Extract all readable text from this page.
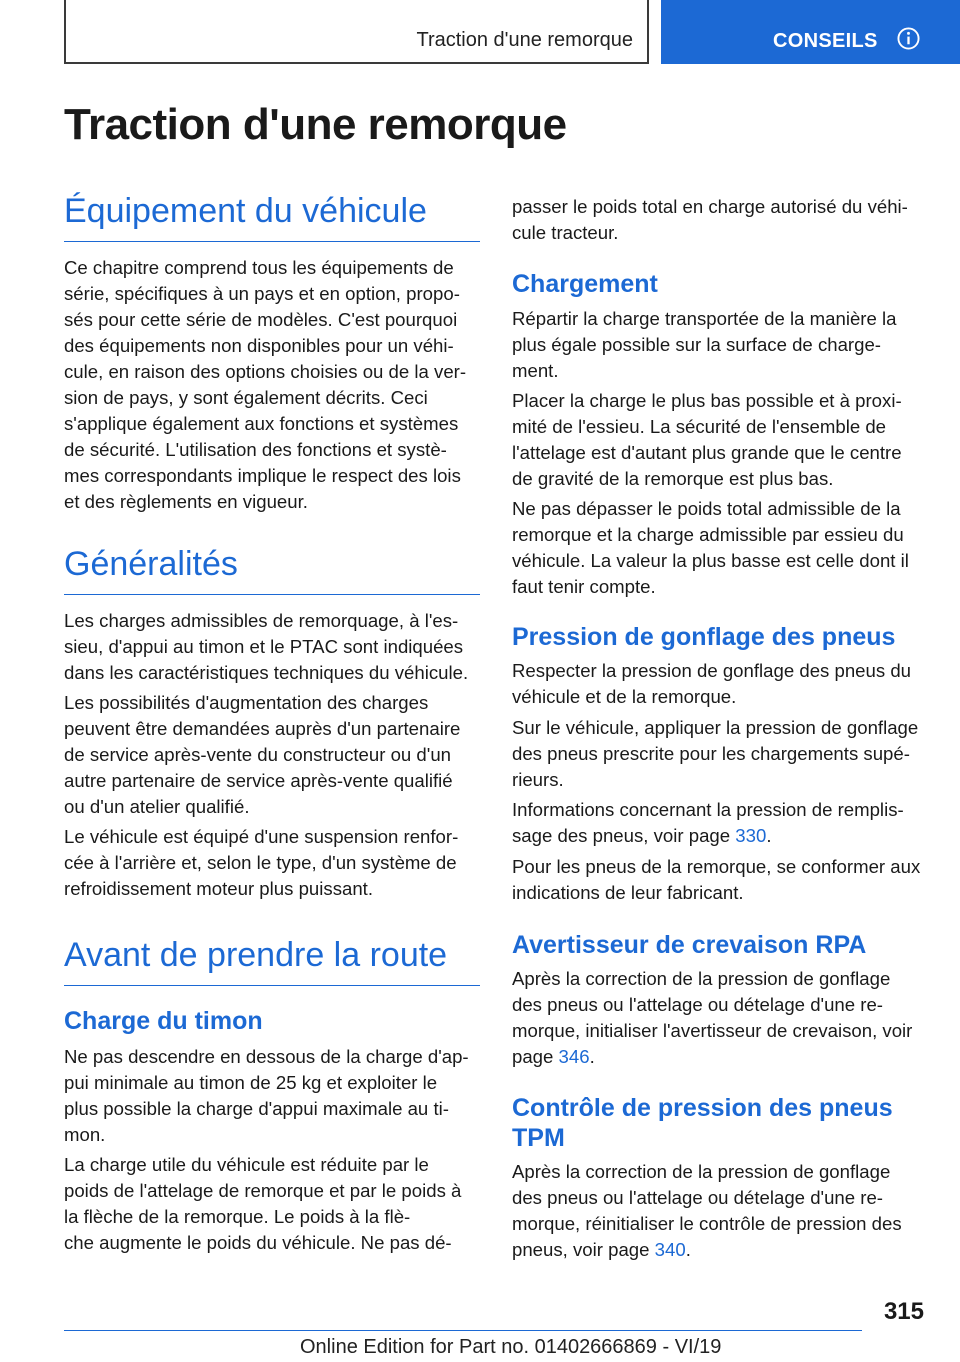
Traction d'une remorque	CONSEILS
Traction d'une remorque
Équipement du véhicule

Ce chapitre comprend tous les équipements de
série, spécifiques à un pays et en option, propo-
sés pour cette série de modèles. C'est pourquoi
des équipements non disponibles pour un véhi-
cule, en raison des options choisies ou de la ver-
sion de pays, y sont également décrits. Ceci
s'applique également aux fonctions et systèmes
de sécurité. L'utilisation des fonctions et systè-
mes correspondants implique le respect des lois
et des règlements en vigueur.

Généralités

Les charges admissibles de remorquage, à l'es-
sieu, d'appui au timon et le PTAC sont indiquées
dans les caractéristiques techniques du véhicule.

Les possibilités d'augmentation des charges
peuvent être demandées auprès d'un partenaire
de service après-vente du constructeur ou d'un
autre partenaire de service après-vente qualifié
ou d'un atelier qualifié.

Le véhicule est équipé d'une suspension renfor-
cée à l'arrière et, selon le type, d'un système de
refroidissement moteur plus puissant.

Avant de prendre la route
Charge du timon

Ne pas descendre en dessous de la charge d'ap-
pui minimale au timon de 25 kg et exploiter le
plus possible la charge d'appui maximale au ti-
mon.

La charge utile du véhicule est réduite par le
poids de l'attelage de remorque et par le poids à
la flèche de la remorque. Le poids à la flè-
che augmente le poids du véhicule. Ne pas dé-

passer le poids total en charge autorisé du véhi-
cule tracteur.

Chargement

Répartir la charge transportée de la manière la
plus égale possible sur la surface de charge-
ment.

Placer la charge le plus bas possible et à proxi-
mité de l'essieu. La sécurité de l'ensemble de
l'attelage est d'autant plus grande que le centre
de gravité de la remorque est plus bas.

Ne pas dépasser le poids total admissible de la
remorque et la charge admissible par essieu du
véhicule. La valeur la plus basse est celle dont il
faut tenir compte.

Pression de gonflage des pneus

Respecter la pression de gonflage des pneus du
véhicule et de la remorque.

Sur le véhicule, appliquer la pression de gonflage
des pneus prescrite pour les chargements supé-
rieurs.

Informations concernant la pression de remplis-
sage des pneus, voir page 330.

Pour les pneus de la remorque, se conformer aux
indications de leur fabricant.

Avertisseur de crevaison RPA

Après la correction de la pression de gonflage
des pneus ou l'attelage ou dételage d'une re-
morque, initialiser l'avertisseur de crevaison, voir
page 346.

Contrôle de pression des pneus
TPM

Après la correction de la pression de gonflage
des pneus ou l'attelage ou dételage d'une re-
morque, réinitialiser le contrôle de pression des
pneus, voir page 340.

315
Online Edition for Part no. 01402666869 - VI/19
